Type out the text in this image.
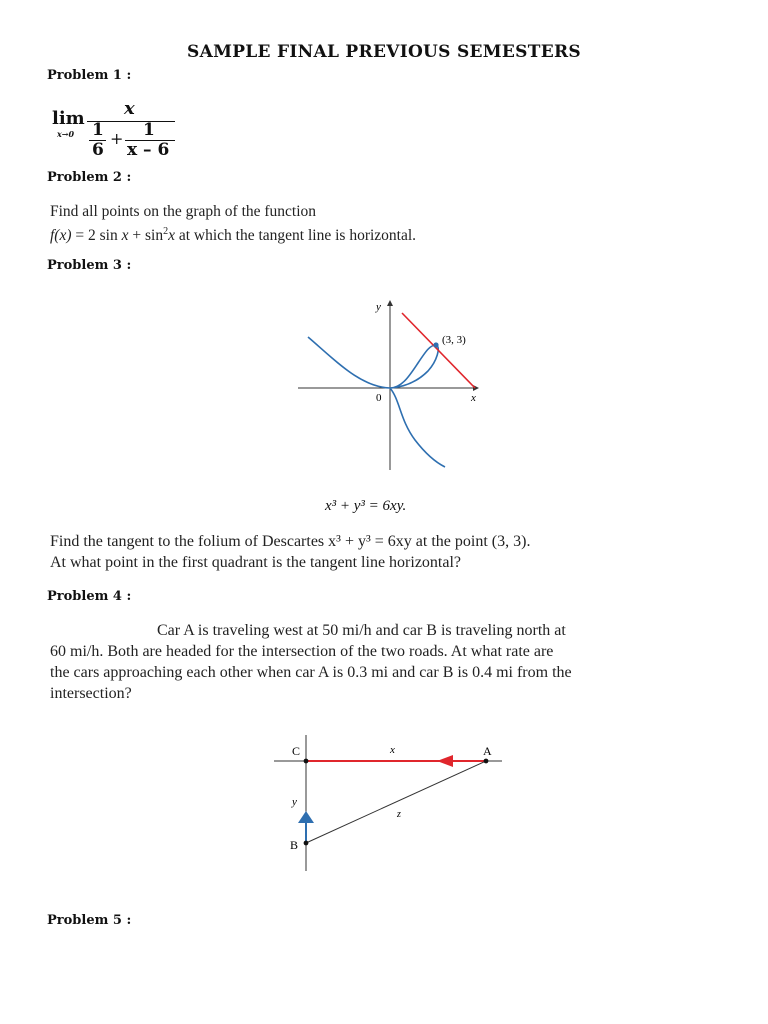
SAMPLE FINAL PREVIOUS SEMESTERS
Problem 1 :
lim
x→0
x
1
6
+ 1
x – 6
Problem 2 :
Find all points on the graph of the function
f(x) = 2 $\sin x + \sin^2x$ at which the tangent line is horizontal.
Problem 3 :
y
x
0
(3, 3)
x³ + y³ = 6xy.
Find the tangent to the folium of Descartes x³ + y³ = 6xy at the point (3, 3).
At what point in the first quadrant is the tangent line horizontal?
Problem 4 :
Car A is traveling west at 50 mi/h and car B is traveling north at
60 mi/h. Both are headed for the intersection of the two roads. At what rate are
the cars approaching each other when car A is 0.3 mi and car B is 0.4 mi from the
intersection?
C	A
B
x
y
z
Problem 5 :
